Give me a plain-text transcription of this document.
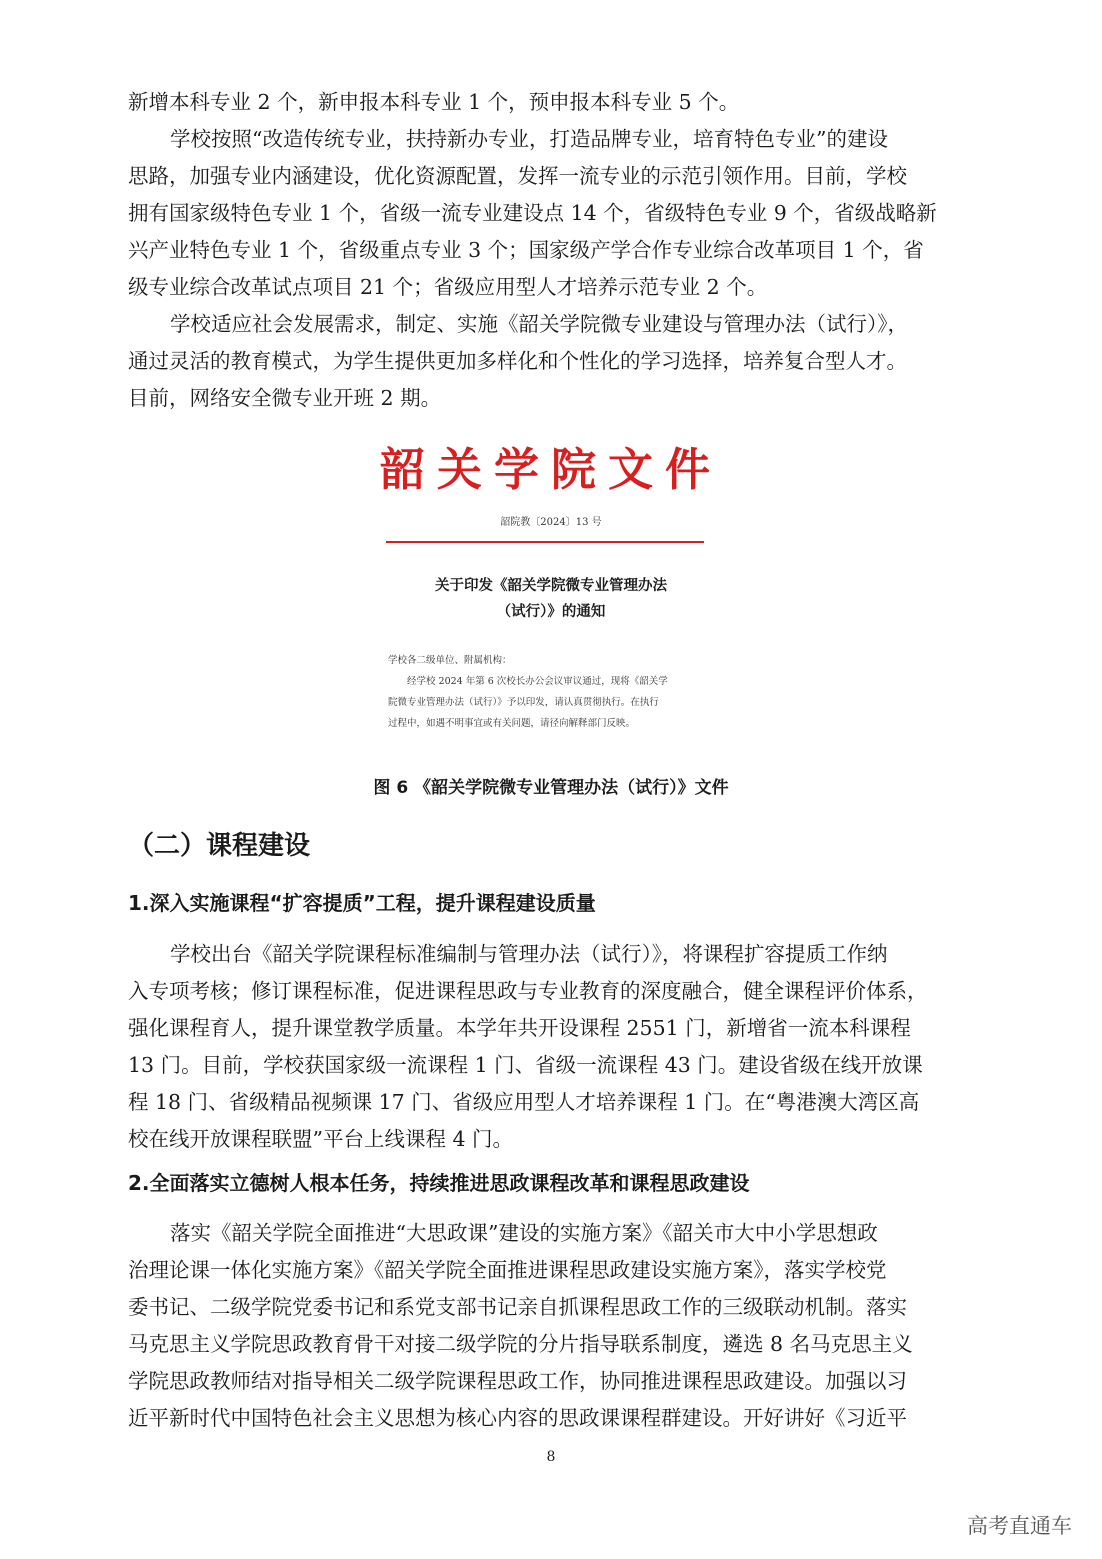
新增本科专业 2 个，新申报本科专业 1 个，预申报本科专业 5 个。

学校按照“改造传统专业，扶持新办专业，打造品牌专业，培育特色专业”的建设
思路，加强专业内涵建设，优化资源配置，发挥一流专业的示范引领作用。目前，学校
拥有国家级特色专业 1 个，省级一流专业建设点 14 个，省级特色专业 9 个，省级战略新
兴产业特色专业 1 个，省级重点专业 3 个；国家级产学合作专业综合改革项目 1 个，省
级专业综合改革试点项目 21 个；省级应用型人才培养示范专业 2 个。

学校适应社会发展需求，制定、实施《韶关学院微专业建设与管理办法（试行）》，
通过灵活的教育模式，为学生提供更加多样化和个性化的学习选择，培养复合型人才。
目前，网络安全微专业开班 2 期。

韶关学院文件
韶院教〔2024〕13 号
关于印发《韶关学院微专业管理办法
（试行）》的通知
学校各二级单位、附属机构：
　　经学校 2024 年第 6 次校长办公会议审议通过，现将《韶关学
院微专业管理办法（试行）》予以印发，请认真贯彻执行。在执行
过程中，如遇不明事宜或有关问题，请径向解释部门反映。
图 6 《韶关学院微专业管理办法（试行）》文件
（二）课程建设
1.深入实施课程“扩容提质”工程，提升课程建设质量

学校出台《韶关学院课程标准编制与管理办法（试行）》，将课程扩容提质工作纳
入专项考核；修订课程标准，促进课程思政与专业教育的深度融合，健全课程评价体系，
强化课程育人，提升课堂教学质量。本学年共开设课程 2551 门，新增省一流本科课程
13 门。目前，学校获国家级一流课程 1 门、省级一流课程 43 门。建设省级在线开放课
程 18 门、省级精品视频课 17 门、省级应用型人才培养课程 1 门。在“粤港澳大湾区高
校在线开放课程联盟”平台上线课程 4 门。

2.全面落实立德树人根本任务，持续推进思政课程改革和课程思政建设

落实《韶关学院全面推进“大思政课”建设的实施方案》《韶关市大中小学思想政
治理论课一体化实施方案》《韶关学院全面推进课程思政建设实施方案》，落实学校党
委书记、二级学院党委书记和系党支部书记亲自抓课程思政工作的三级联动机制。落实
马克思主义学院思政教育骨干对接二级学院的分片指导联系制度，遴选 8 名马克思主义
学院思政教师结对指导相关二级学院课程思政工作，协同推进课程思政建设。加强以习
近平新时代中国特色社会主义思想为核心内容的思政课课程群建设。开好讲好《习近平

8
高考直通车
